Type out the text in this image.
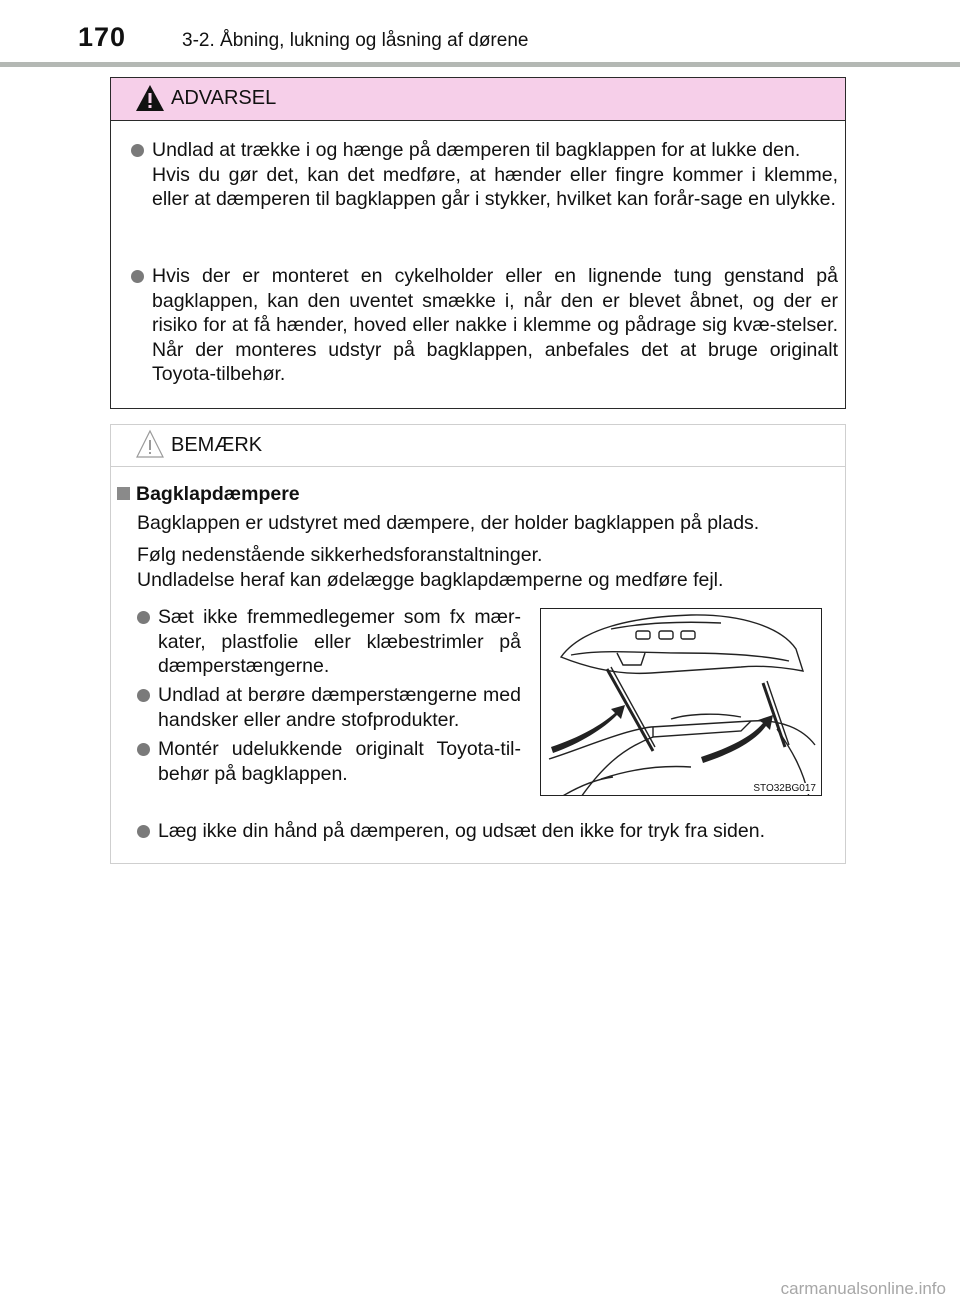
170	3-2. Åbning, lukning og låsning af dørene
ADVARSEL
Undlad at trække i og hænge på dæmperen til bagklappen for at lukke den.
Hvis du gør det, kan det medføre, at hænder eller fingre kommer i klemme, eller at dæmperen til bagklappen går i stykker, hvilket kan forår-sage en ulykke.
Hvis der er monteret en cykelholder eller en lignende tung genstand på bagklappen, kan den uventet smække i, når den er blevet åbnet, og der er risiko for at få hænder, hoved eller nakke i klemme og pådrage sig kvæ-stelser. Når der monteres udstyr på bagklappen, anbefales det at bruge originalt Toyota-tilbehør.
BEMÆRK
Bagklapdæmpere
Bagklappen er udstyret med dæmpere, der holder bagklappen på plads.
Følg nedenstående sikkerhedsforanstaltninger.
Undladelse heraf kan ødelægge bagklapdæmperne og medføre fejl.
Sæt ikke fremmedlegemer som fx mær-kater, plastfolie eller klæbestrimler på dæmperstængerne.
Undlad at berøre dæmperstængerne med handsker eller andre stofprodukter.
Montér udelukkende originalt Toyota-til-behør på bagklappen.
Læg ikke din hånd på dæmperen, og udsæt den ikke for tryk fra siden.
STO32BG017
carmanualsonline.info
